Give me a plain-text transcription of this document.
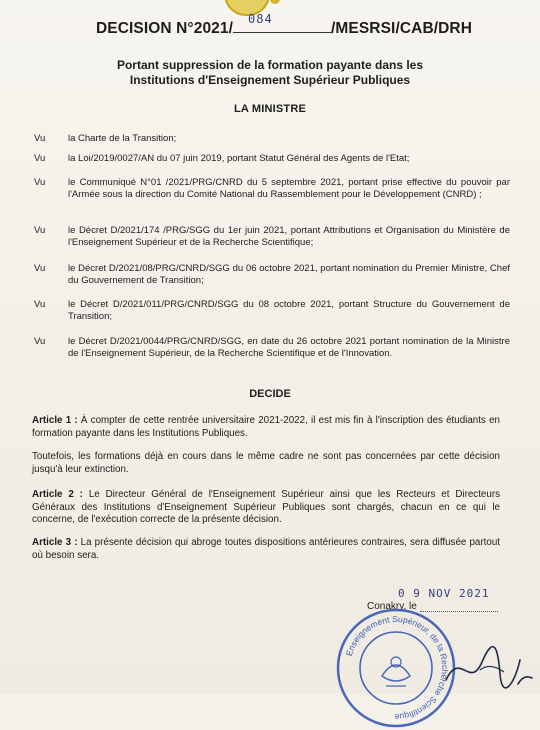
DECISION N°2021/	/MESRSI/CAB/DRH
084
Portant suppression de la formation payante dans les
Institutions d'Enseignement Supérieur Publiques
LA MINISTRE
Vu la Charte de la Transition;
Vu la Loi/2019/0027/AN du 07 juin 2019, portant Statut Général des Agents de l'Etat;
Vu le Communiqué N°01 /2021/PRG/CNRD du 5 septembre 2021, portant prise effective du pouvoir par l'Armée sous la direction du Comité National du Rassemblement pour le Développement (CNRD) ;
Vu le Décret D/2021/174 /PRG/SGG du 1er juin 2021, portant Attributions et Organisation du Ministère de l'Enseignement Supérieur et de la Recherche Scientifique;
Vu le Décret D/2021/08/PRG/CNRD/SGG du 06 octobre 2021, portant nomination du Premier Ministre, Chef du Gouvernement de Transition;
Vu le Décret D/2021/011/PRG/CNRD/SGG du 08 octobre 2021, portant Structure du Gouvernement de Transition;
Vu le Décret D/2021/0044/PRG/CNRD/SGG, en date du 26 octobre 2021 portant nomination de la Ministre de l'Enseignement Supérieur, de la Recherche Scientifique et de l'Innovation.
DECIDE
Article 1 : À compter de cette rentrée universitaire 2021-2022, il est mis fin à l'inscription des étudiants en formation payante dans les Institutions Publiques.
Toutefois, les formations déjà en cours dans le même cadre ne sont pas concernées par cette décision jusqu'à leur extinction.
Article 2 : Le Directeur Général de l'Enseignement Supérieur ainsi que les Recteurs et Directeurs Généraux des Institutions d'Enseignement Supérieur Publiques sont chargés, chacun en ce qui le concerne, de l'exécution correcte de la présente décision.
Article 3 : La présente décision qui abroge toutes dispositions antérieures contraires, sera diffusée partout où besoin sera.
0 9 NOV 2021
Conakry, le
Enseignement Supérieur, de la Recherche Scientifique
